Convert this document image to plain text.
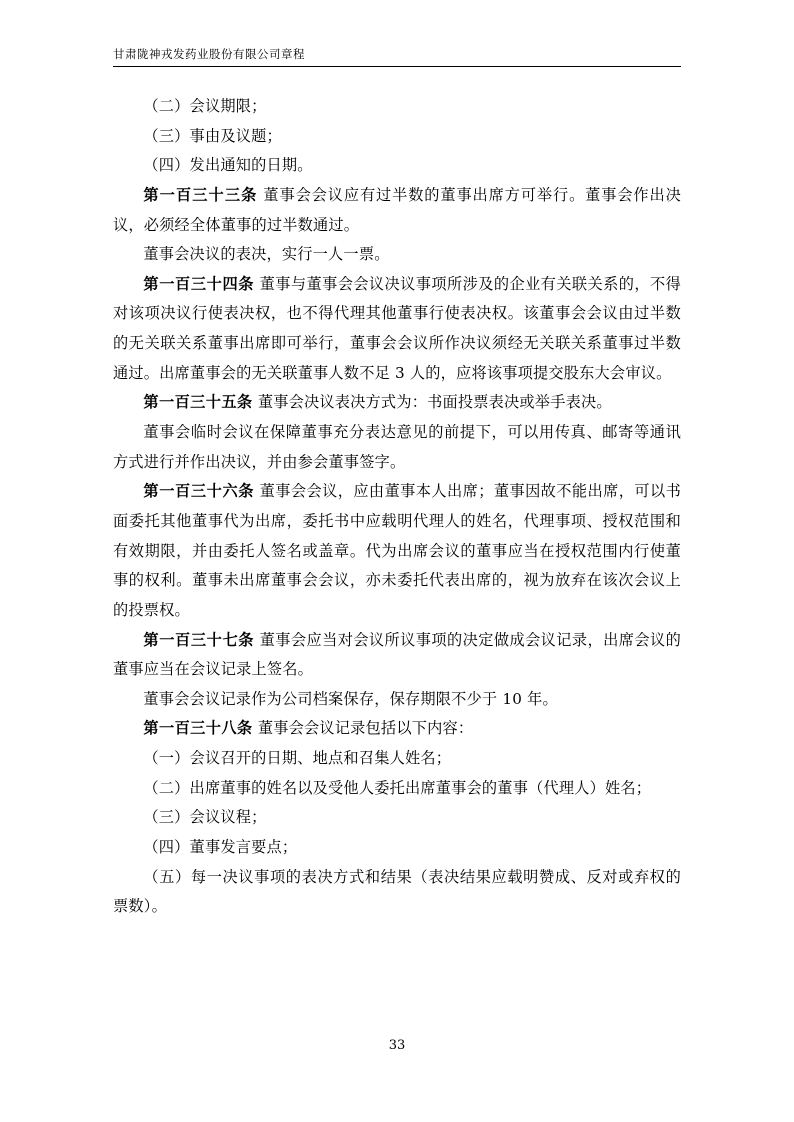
甘肃陇神戎发药业股份有限公司章程

（二）会议期限；

（三）事由及议题；

（四）发出通知的日期。

第一百三十三条 董事会会议应有过半数的董事出席方可举行。董事会作出决议，必须经全体董事的过半数通过。

董事会决议的表决，实行一人一票。

第一百三十四条 董事与董事会会议决议事项所涉及的企业有关联关系的，不得对该项决议行使表决权，也不得代理其他董事行使表决权。该董事会会议由过半数的无关联关系董事出席即可举行，董事会会议所作决议须经无关联关系董事过半数通过。出席董事会的无关联董事人数不足 3 人的，应将该事项提交股东大会审议。

第一百三十五条 董事会决议表决方式为：书面投票表决或举手表决。

董事会临时会议在保障董事充分表达意见的前提下，可以用传真、邮寄等通讯方式进行并作出决议，并由参会董事签字。

第一百三十六条 董事会会议，应由董事本人出席；董事因故不能出席，可以书面委托其他董事代为出席，委托书中应载明代理人的姓名，代理事项、授权范围和有效期限，并由委托人签名或盖章。代为出席会议的董事应当在授权范围内行使董事的权利。董事未出席董事会会议，亦未委托代表出席的，视为放弃在该次会议上的投票权。

第一百三十七条 董事会应当对会议所议事项的决定做成会议记录，出席会议的董事应当在会议记录上签名。

董事会会议记录作为公司档案保存，保存期限不少于 10 年。

第一百三十八条 董事会会议记录包括以下内容：

（一）会议召开的日期、地点和召集人姓名；

（二）出席董事的姓名以及受他人委托出席董事会的董事（代理人）姓名；

（三）会议议程；

（四）董事发言要点；

（五）每一决议事项的表决方式和结果（表决结果应载明赞成、反对或弃权的票数）。

33
